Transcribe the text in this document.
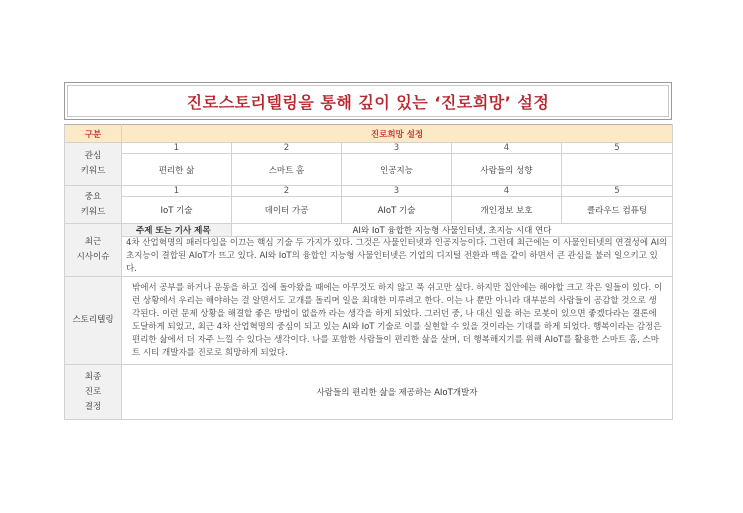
진로스토리텔링을 통해 깊이 있는 ‘진로희망’ 설정
구분	진로희망 설정				

관심
키워드	1	2	3	4	5
	편리한 삶	스마트 홈	인공지능	사람들의 성향	

중요
키워드	1	2	3	4	5
	IoT 기술	데이터 가공	AIoT 기술	개인정보 보호	클라우드 컴퓨팅

최근
시사이슈	주제 또는 기사 제목	AI와 IoT 융합한 지능형 사물인터넷, 초지능 시대 연다			
	4차 산업혁명의 패러다임을 이끄는 핵심 기술 두 가지가 있다. 그것은 사물인터넷과 인공지능이다. 그런데 최근에는 이 사물인터넷의 연결성에 AI의 초지능이 결합된 AIoT가 뜨고 있다. AI와 IoT의 융합인 지능형 사물인터넷은 기업의 디지털 전환과 맥을 같이 하면서 큰 관심을 불러 일으키고 있다.				
스토리텔링	밖에서 공부를 하거나 운동을 하고 집에 돌아왔을 때에는 아무것도 하지 않고 푹 쉬고만 싶다. 하지만 집안에는 해야할 크고 작은 일들이 있다. 이런 상황에서 우리는 해야하는 걸 알면서도 고개를 돌리며 일을 최대한 미루려고 한다. 이는 나 뿐만 아니라 대부분의 사람들이 공감할 것으로 생각된다. 이런 문제 상황을 해결할 좋은 방법이 없을까 라는 생각을 하게 되었다. 그러던 중, 나 대신 일을 하는 로봇이 있으면 좋겠다라는 결론에 도달하게 되었고, 최근 4차 산업혁명의 중심이 되고 있는 AI와 IoT 기술로 이를 실현할 수 있을 것이라는 기대를 하게 되었다. 행복이라는 감정은 편리한 삶에서 더 자주 느낄 수 있다는 생각이다. 나를 포함한 사람들이 편리한 삶을 살며, 더 행복해지기를 위해 AIoT를 활용한 스마트 홈, 스마트 시티 개발자를 진로로 희망하게 되었다.				

최종
진로
결정	사람들의 편리한 삶을 제공하는 AIoT개발자				
